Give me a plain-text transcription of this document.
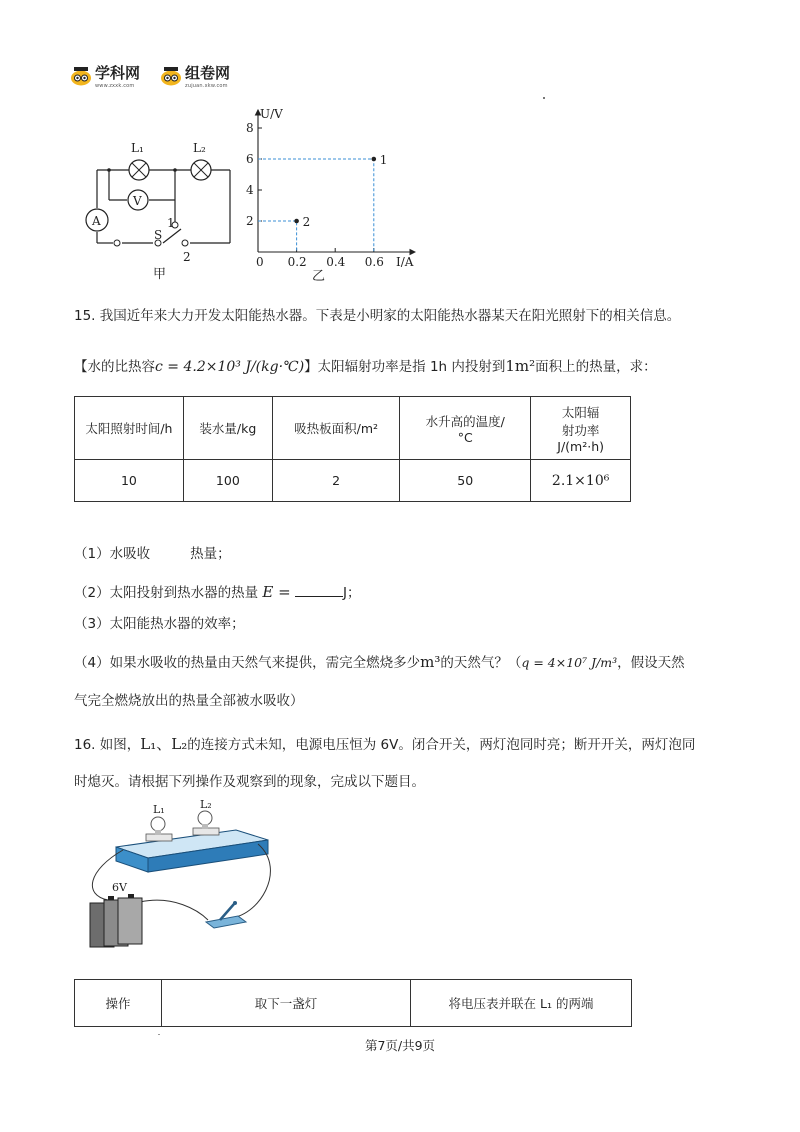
学科网
www.zxxk.com
组卷网
zujuan.xkw.com
L₁	L₂
V
A
S
1
2
甲
8
6
4
2
0 0.2 0.4 0.6
1
2
U/V
I/A
乙
15. 我国近年来大力开发太阳能热水器。下表是小明家的太阳能热水器某天在阳光照射下的相关信息。
【水的比热容c = 4.2×10³ J/(kg·℃)】太阳辐射功率是指 1h 内投射到1m²面积上的热量，求：
太阳照射时间/h	装水量/kg	吸热板面积/m²	水升高的温度/°C	太阳辐射功率J/(m²·h)
10	100	2	50	2.1×10⁶
（1）水吸收	热量；
（2）太阳投射到热水器的热量 E =	J；
（3）太阳能热水器的效率；
（4）如果水吸收的热量由天然气来提供，需完全燃烧多少m³的天然气？（q = 4×10⁷ J/m³，假设天然
气完全燃烧放出的热量全部被水吸收）
16. 如图，L₁、L₂的连接方式未知，电源电压恒为 6V。闭合开关，两灯泡同时亮；断开开关，两灯泡同
时熄灭。请根据下列操作及观察到的现象，完成以下题目。
L₁	L₂
6V
操作	取下一盏灯	将电压表并联在 L₁ 的两端
第7页/共9页
